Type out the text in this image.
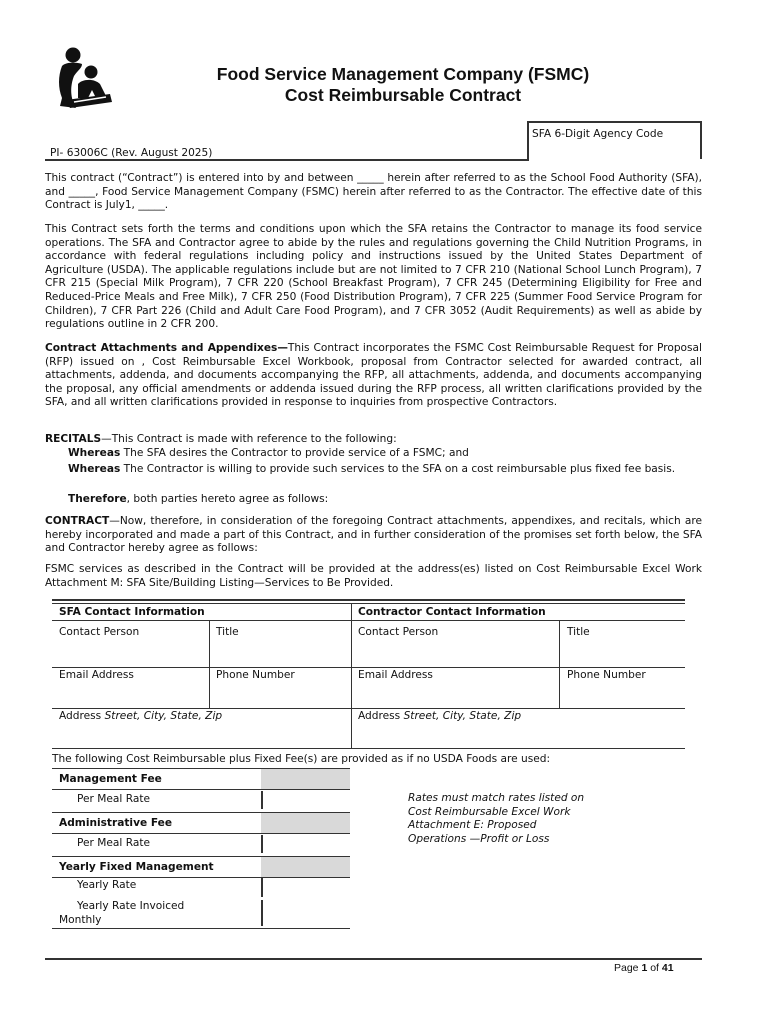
Food Service Management Company (FSMC)
Cost Reimbursable Contract
SFA 6-Digit Agency Code
PI- 63006C (Rev. August 2025)
This contract (“Contract”) is entered into by and between _____ herein after referred to as the School Food Authority (SFA), and _____, Food Service Management Company (FSMC) herein after referred to as the Contractor. The effective date of this Contract is July1, _____.
This Contract sets forth the terms and conditions upon which the SFA retains the Contractor to manage its food service operations. The SFA and Contractor agree to abide by the rules and regulations governing the Child Nutrition Programs, in accordance with federal regulations including policy and instructions issued by the United States Department of Agriculture (USDA). The applicable regulations include but are not limited to 7 CFR 210 (National School Lunch Program), 7 CFR 215 (Special Milk Program), 7 CFR 220 (School Breakfast Program), 7 CFR 245 (Determining Eligibility for Free and Reduced-Price Meals and Free Milk), 7 CFR 250 (Food Distribution Program), 7 CFR 225 (Summer Food Service Program for Children), 7 CFR Part 226 (Child and Adult Care Food Program), and 7 CFR 3052 (Audit Requirements) as well as abide by regulations outline in 2 CFR 200.
Contract Attachments and Appendixes—This Contract incorporates the FSMC Cost Reimbursable Request for Proposal (RFP) issued on , Cost Reimbursable Excel Workbook, proposal from Contractor selected for awarded contract, all attachments, addenda, and documents accompanying the RFP, all attachments, addenda, and documents accompanying the proposal, any official amendments or addenda issued during the RFP process, all written clarifications provided by the SFA, and all written clarifications provided in response to inquiries from prospective Contractors.
RECITALS—This Contract is made with reference to the following:
Whereas The SFA desires the Contractor to provide service of a FSMC; and
Whereas The Contractor is willing to provide such services to the SFA on a cost reimbursable plus fixed fee basis.
Therefore, both parties hereto agree as follows:
CONTRACT—Now, therefore, in consideration of the foregoing Contract attachments, appendixes, and recitals, which are hereby incorporated and made a part of this Contract, and in further consideration of the promises set forth below, the SFA and Contractor hereby agree as follows:
FSMC services as described in the Contract will be provided at the address(es) listed on Cost Reimbursable Excel Work Attachment M: SFA Site/Building Listing—Services to Be Provided.
SFA Contact Information	Contractor Contact Information
Contact Person	Title	Contact Person	Title
Email Address	Phone Number	Email Address	Phone Number
Address Street, City, State, Zip	Address Street, City, State, Zip
The following Cost Reimbursable plus Fixed Fee(s) are provided as if no USDA Foods are used:
Management Fee
Per Meal Rate
Administrative Fee
Per Meal Rate
Yearly Fixed Management
Yearly Rate
Yearly Rate Invoiced Monthly
Rates must match rates listed on Cost Reimbursable Excel Work Attachment E: Proposed Operations —Profit or Loss
Page 1 of 41
